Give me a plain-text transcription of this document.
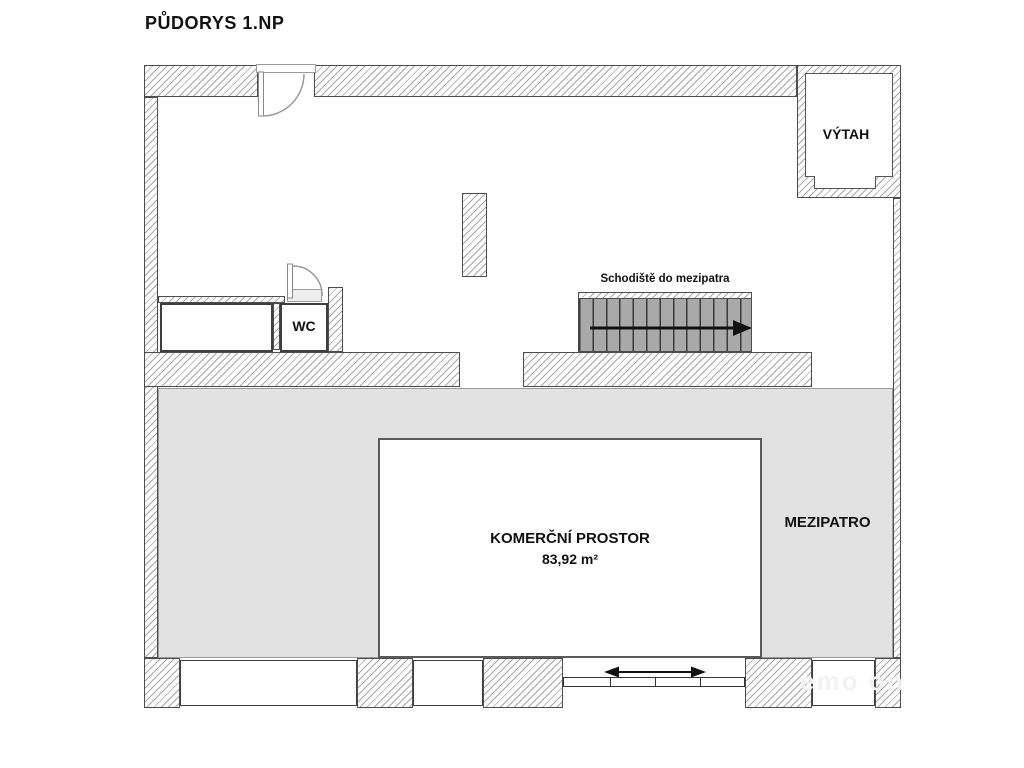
PŮDORYS 1.NP
MEZIPATRO
KOMERČNÍ PROSTOR
83,92 m²
VÝTAH
WC
Schodiště do mezipatra
emo on
